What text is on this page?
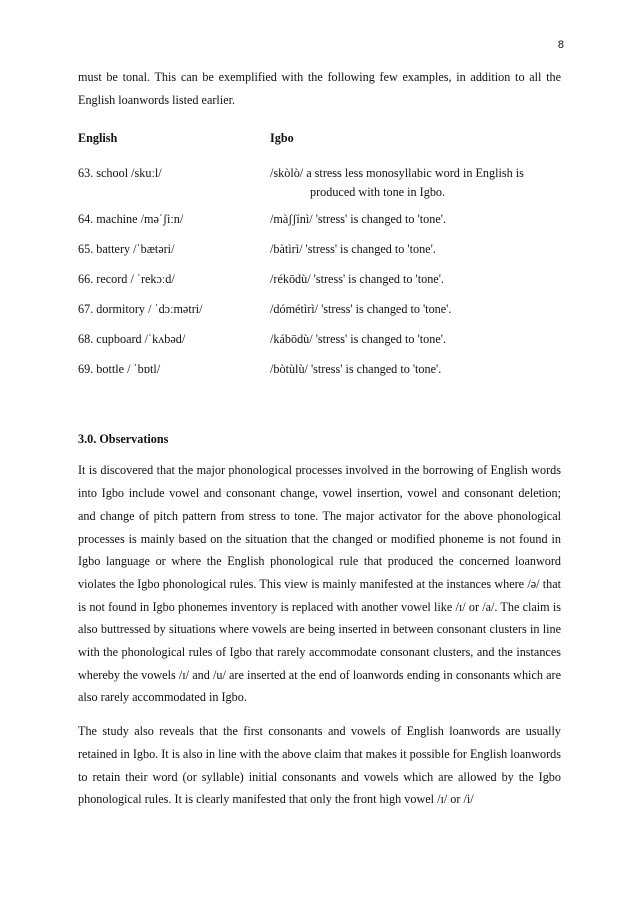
8

must be tonal. This can be exemplified with the following few examples, in addition to all the English loanwords listed earlier.

English	Igbo
63. school /skuːl/	/skòlò/ a stress less monosyllabic word in English is
produced with tone in Igbo.
64. machine /məˈʃiːn/	/màʃʃínì/ 'stress' is changed to 'tone'.
65. battery /ˈbætəri/	/bàtìrì/ 'stress' is changed to 'tone'.
66. record / ˈrekɔːd/	/rékōdù/ 'stress' is changed to 'tone'.
67. dormitory / ˈdɔːmətri/	/dómétìrì/ 'stress' is changed to 'tone'.
68. cupboard /ˈkʌbəd/	/kábōdù/ 'stress' is changed to 'tone'.
69. bottle / ˈbɒtl/	/bòtùlù/ 'stress' is changed to 'tone'.
3.0. Observations

It is discovered that the major phonological processes involved in the borrowing of English words into Igbo include vowel and consonant change, vowel insertion, vowel and consonant deletion; and change of pitch pattern from stress to tone. The major activator for the above phonological processes is mainly based on the situation that the changed or modified phoneme is not found in Igbo language or where the English phonological rule that produced the concerned loanword violates the Igbo phonological rules. This view is mainly manifested at the instances where /ə/ that is not found in Igbo phonemes inventory is replaced with another vowel like /ɪ/ or /a/. The claim is also buttressed by situations where vowels are being inserted in between consonant clusters in line with the phonological rules of Igbo that rarely accommodate consonant clusters, and the instances whereby the vowels /ɪ/ and /u/ are inserted at the end of loanwords ending in consonants which are also rarely accommodated in Igbo.

The study also reveals that the first consonants and vowels of English loanwords are usually retained in Igbo. It is also in line with the above claim that makes it possible for English loanwords to retain their word (or syllable) initial consonants and vowels which are allowed by the Igbo phonological rules. It is clearly manifested that only the front high vowel /ɪ/ or /i/
